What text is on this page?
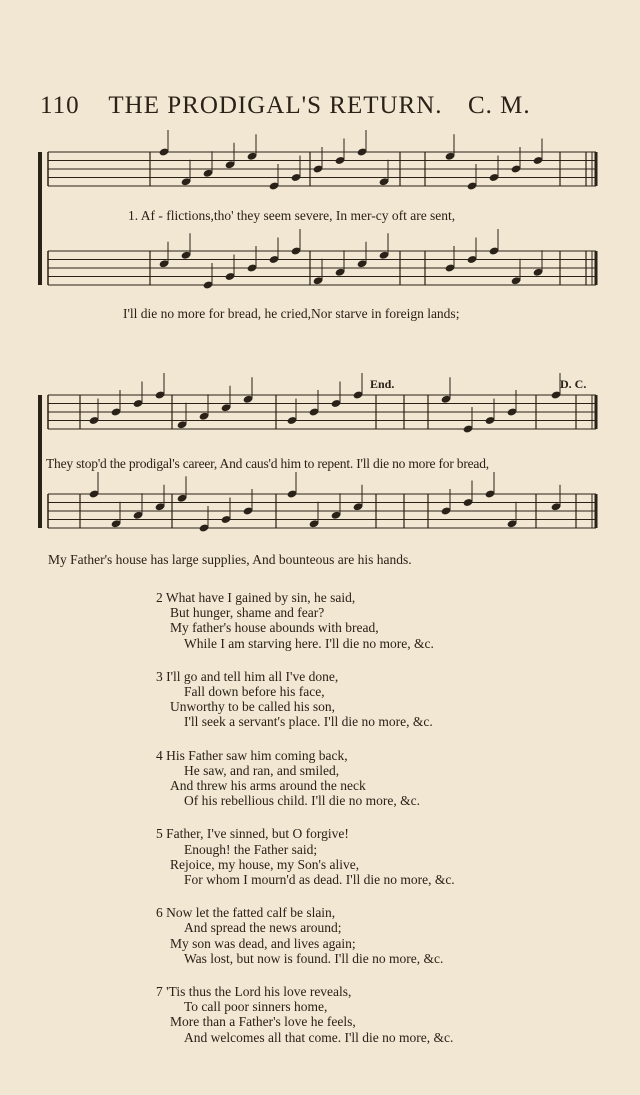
110 THE PRODIGAL'S RETURN. C. M.
1. Af - flictions,tho' they seem severe, In mer-cy oft are sent,
I'll die no more for bread, he cried,Nor starve in foreign lands;
End.	D. C.
They stop'd the prodigal's career, And caus'd him to repent. I'll die no more for bread,
My Father's house has large supplies, And bounteous are his hands.
2 What have I gained by sin, he said,
But hunger, shame and fear?
My father's house abounds with bread,
While I am starving here. I'll die no more, &c.
3 I'll go and tell him all I've done,
Fall down before his face,
Unworthy to be called his son,
I'll seek a servant's place. I'll die no more, &c.
4 His Father saw him coming back,
He saw, and ran, and smiled,
And threw his arms around the neck
Of his rebellious child. I'll die no more, &c.
5 Father, I've sinned, but O forgive!
Enough! the Father said;
Rejoice, my house, my Son's alive,
For whom I mourn'd as dead. I'll die no more, &c.
6 Now let the fatted calf be slain,
And spread the news around;
My son was dead, and lives again;
Was lost, but now is found. I'll die no more, &c.
7 'Tis thus the Lord his love reveals,
To call poor sinners home,
More than a Father's love he feels,
And welcomes all that come. I'll die no more, &c.
